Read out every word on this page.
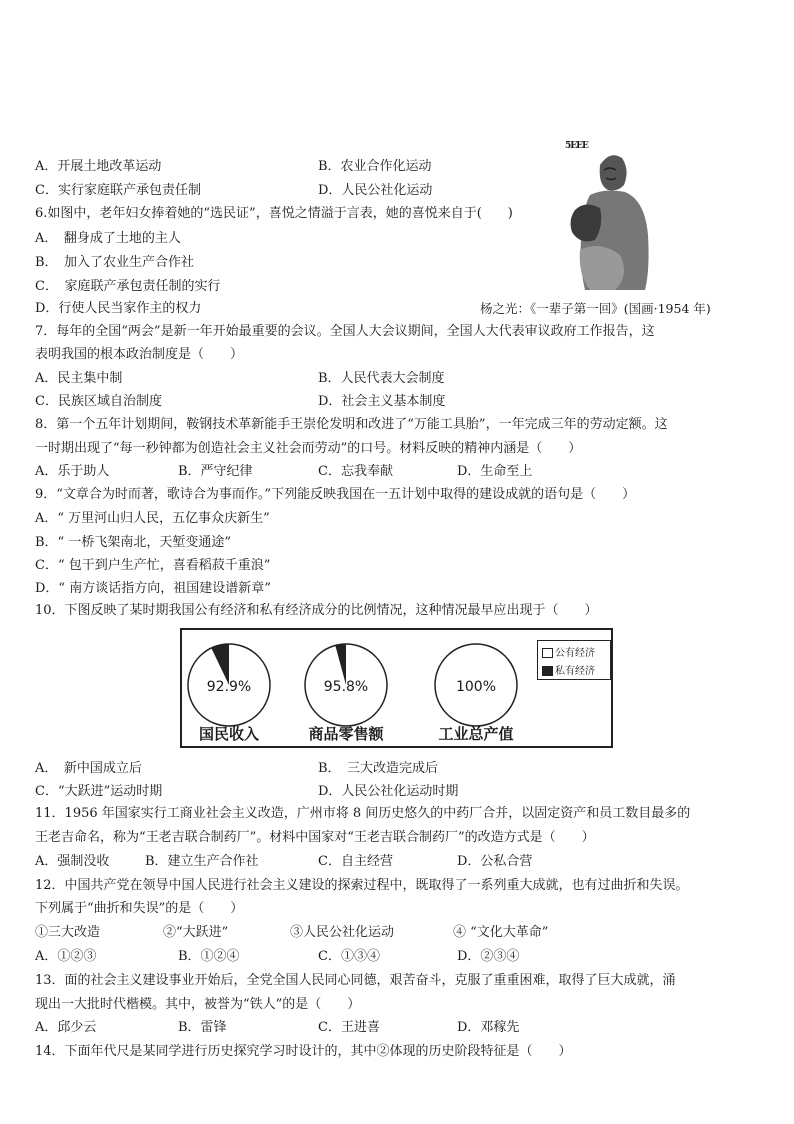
5EEE
A．开展土地改革运动	B．农业合作化运动
C．实行家庭联产承包责任制	D．人民公社化运动
6.如图中，老年妇女捧着她的“选民证”，喜悦之情溢于言表，她的喜悦来自于(　　)
A．　翻身成了土地的主人
B．　加入了农业生产合作社
C．　家庭联产承包责任制的实行
D．行使人民当家作主的权力	杨之光：《一辈子第一回》(国画·1954 年)
7．每年的全国“两会”是新一年开始最重要的会议。全国人大会议期间，全国人大代表审议政府工作报告，这
表明我国的根本政治制度是（　　）
A．民主集中制	B．人民代表大会制度
C．民族区域自治制度	D．社会主义基本制度
8．第一个五年计划期间，鞍钢技术革新能手王崇伦发明和改进了“万能工具胎”，一年完成三年的劳动定额。这
一时期出现了“每一秒钟都为创造社会主义社会而劳动”的口号。材料反映的精神内涵是（　　）
A．乐于助人	B．严守纪律	C．忘我奉献	D．生命至上
9．“文章合为时而著，歌诗合为事而作。”下列能反映我国在一五计划中取得的建设成就的语句是（　　）
A．“ 万里河山归人民，五亿事众庆新生”
B．“ 一桥飞架南北，天堑变通途”
C．“ 包干到户生产忙，喜看稻菽千重浪”
D．“ 南方谈话指方向，祖国建设谱新章”
10．下图反映了某时期我国公有经济和私有经济成分的比例情况，这种情况最早应出现于（　　）
92.9%
国民收入
95.8%
商品零售额
100%
工业总产值
公有经济
私有经济
A．　新中国成立后	B．　三大改造完成后
C．“大跃进”运动时期	D．人民公社化运动时期
11．1956 年国家实行工商业社会主义改造，广州市将 8 间历史悠久的中药厂合并，以固定资产和员工数目最多的
王老吉命名，称为“王老吉联合制药厂”。材料中国家对“王老吉联合制药厂”的改造方式是（　　）
A．强制没收	B．建立生产合作社	C．自主经营	D．公私合营
12．中国共产党在领导中国人民进行社会主义建设的探索过程中，既取得了一系列重大成就，也有过曲折和失误。
下列属于“曲折和失误”的是（　　）
①三大改造	②“大跃进”	③人民公社化运动	④ “文化大革命”
A．①②③	B．①②④	C．①③④	D．②③④
13．面的社会主义建设事业开始后，全党全国人民同心同德，艰苦奋斗，克服了重重困难，取得了巨大成就，涌
现出一大批时代楷模。其中，被誉为“铁人”的是（　　）
A．邱少云	B．雷锋	C．王进喜	D．邓稼先
14．下面年代尺是某同学进行历史探究学习时设计的，其中②体现的历史阶段特征是（　　）
